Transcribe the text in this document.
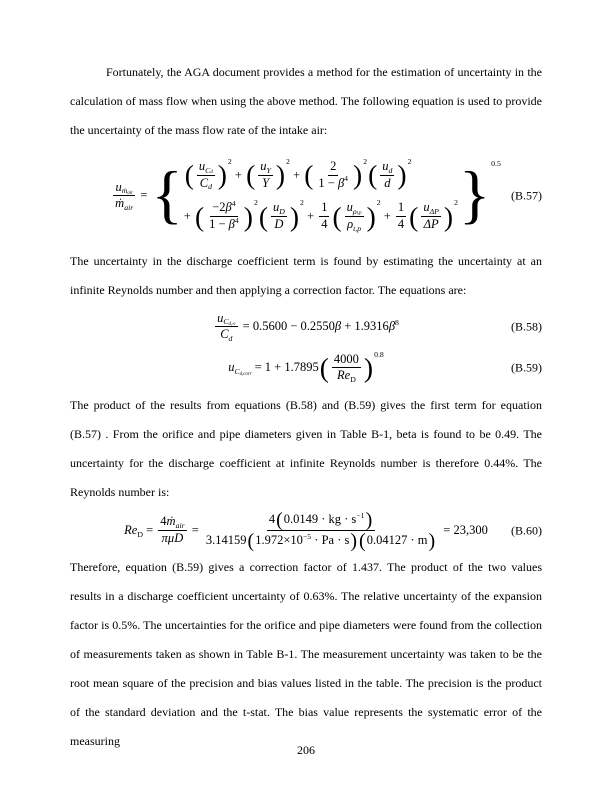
Fortunately, the AGA document provides a method for the estimation of uncertainty in the calculation of mass flow when using the above method. The following equation is used to provide the uncertainty of the mass flow rate of the intake air:

$\frac{\text{u ṁ air}}{\text{ṁ air}}$ = { ( $\frac{\text{u C d}}{\text{C d}}$ ) 2
+ ( $\frac{\text{u Y}}{Y}$ ) 2
+ ( $\frac{2}{1 - \beta 4}$ ) 2 ( $\frac{\text{u d}}{d}$ ) 2
+ ( $\frac{-2 \beta 4}{1 - \beta 4}$ ) 2 ( $\frac{\text{u D}}{D}$ ) 2
+ $\frac{1}{4}$ ( $\frac{\text{u ρ t,p}}{\text{ρ t,p}}$ ) 2
+ $\frac{1}{4}$ ( $\frac{\text{u ΔP}}{\Delta P}$ ) 2 } 0.5
(B.57)

The uncertainty in the discharge coefficient term is found by estimating the uncertainty at an infinite Reynolds number and then applying a correction factor. The equations are:

$\frac{\text{u C d,∞}}{\text{C d}} = 0.5600 - 0.2550$ β + 1.9316 β 8	(B.58)
u C d,corr = 1 + 1.7895 ( $\frac{4000}{\text{Re D}}$ ) 0.8
(B.59)

The product of the results from equations (B.58) and (B.59) gives the first term for equation (B.57) . From the orifice and pipe diameters given in Table B-1, beta is found to be 0.49. The uncertainty for the discharge coefficient at infinite Reynolds number is therefore 0.44%. The Reynolds number is:

Re $D = \frac{\text{4 ṁ air}}{\text{πμD}} = \frac{4 ( 0.0149 \cdot kg \cdot s -1 )}{3.14159 ( 1.972\times 10 -5 \cdot Pa \cdot s ) ( 0.04127 \cdot m )} = 23,300$ (B.60)

Therefore, equation (B.59) gives a correction factor of 1.437. The product of the two values results in a discharge coefficient uncertainty of 0.63%. The relative uncertainty of the expansion factor is 0.5%. The uncertainties for the orifice and pipe diameters were found from the collection of measurements taken as shown in Table B-1. The measurement uncertainty was taken to be the root mean square of the precision and bias values listed in the table. The precision is the product of the standard deviation and the t-stat. The bias value represents the systematic error of the measuring

206
